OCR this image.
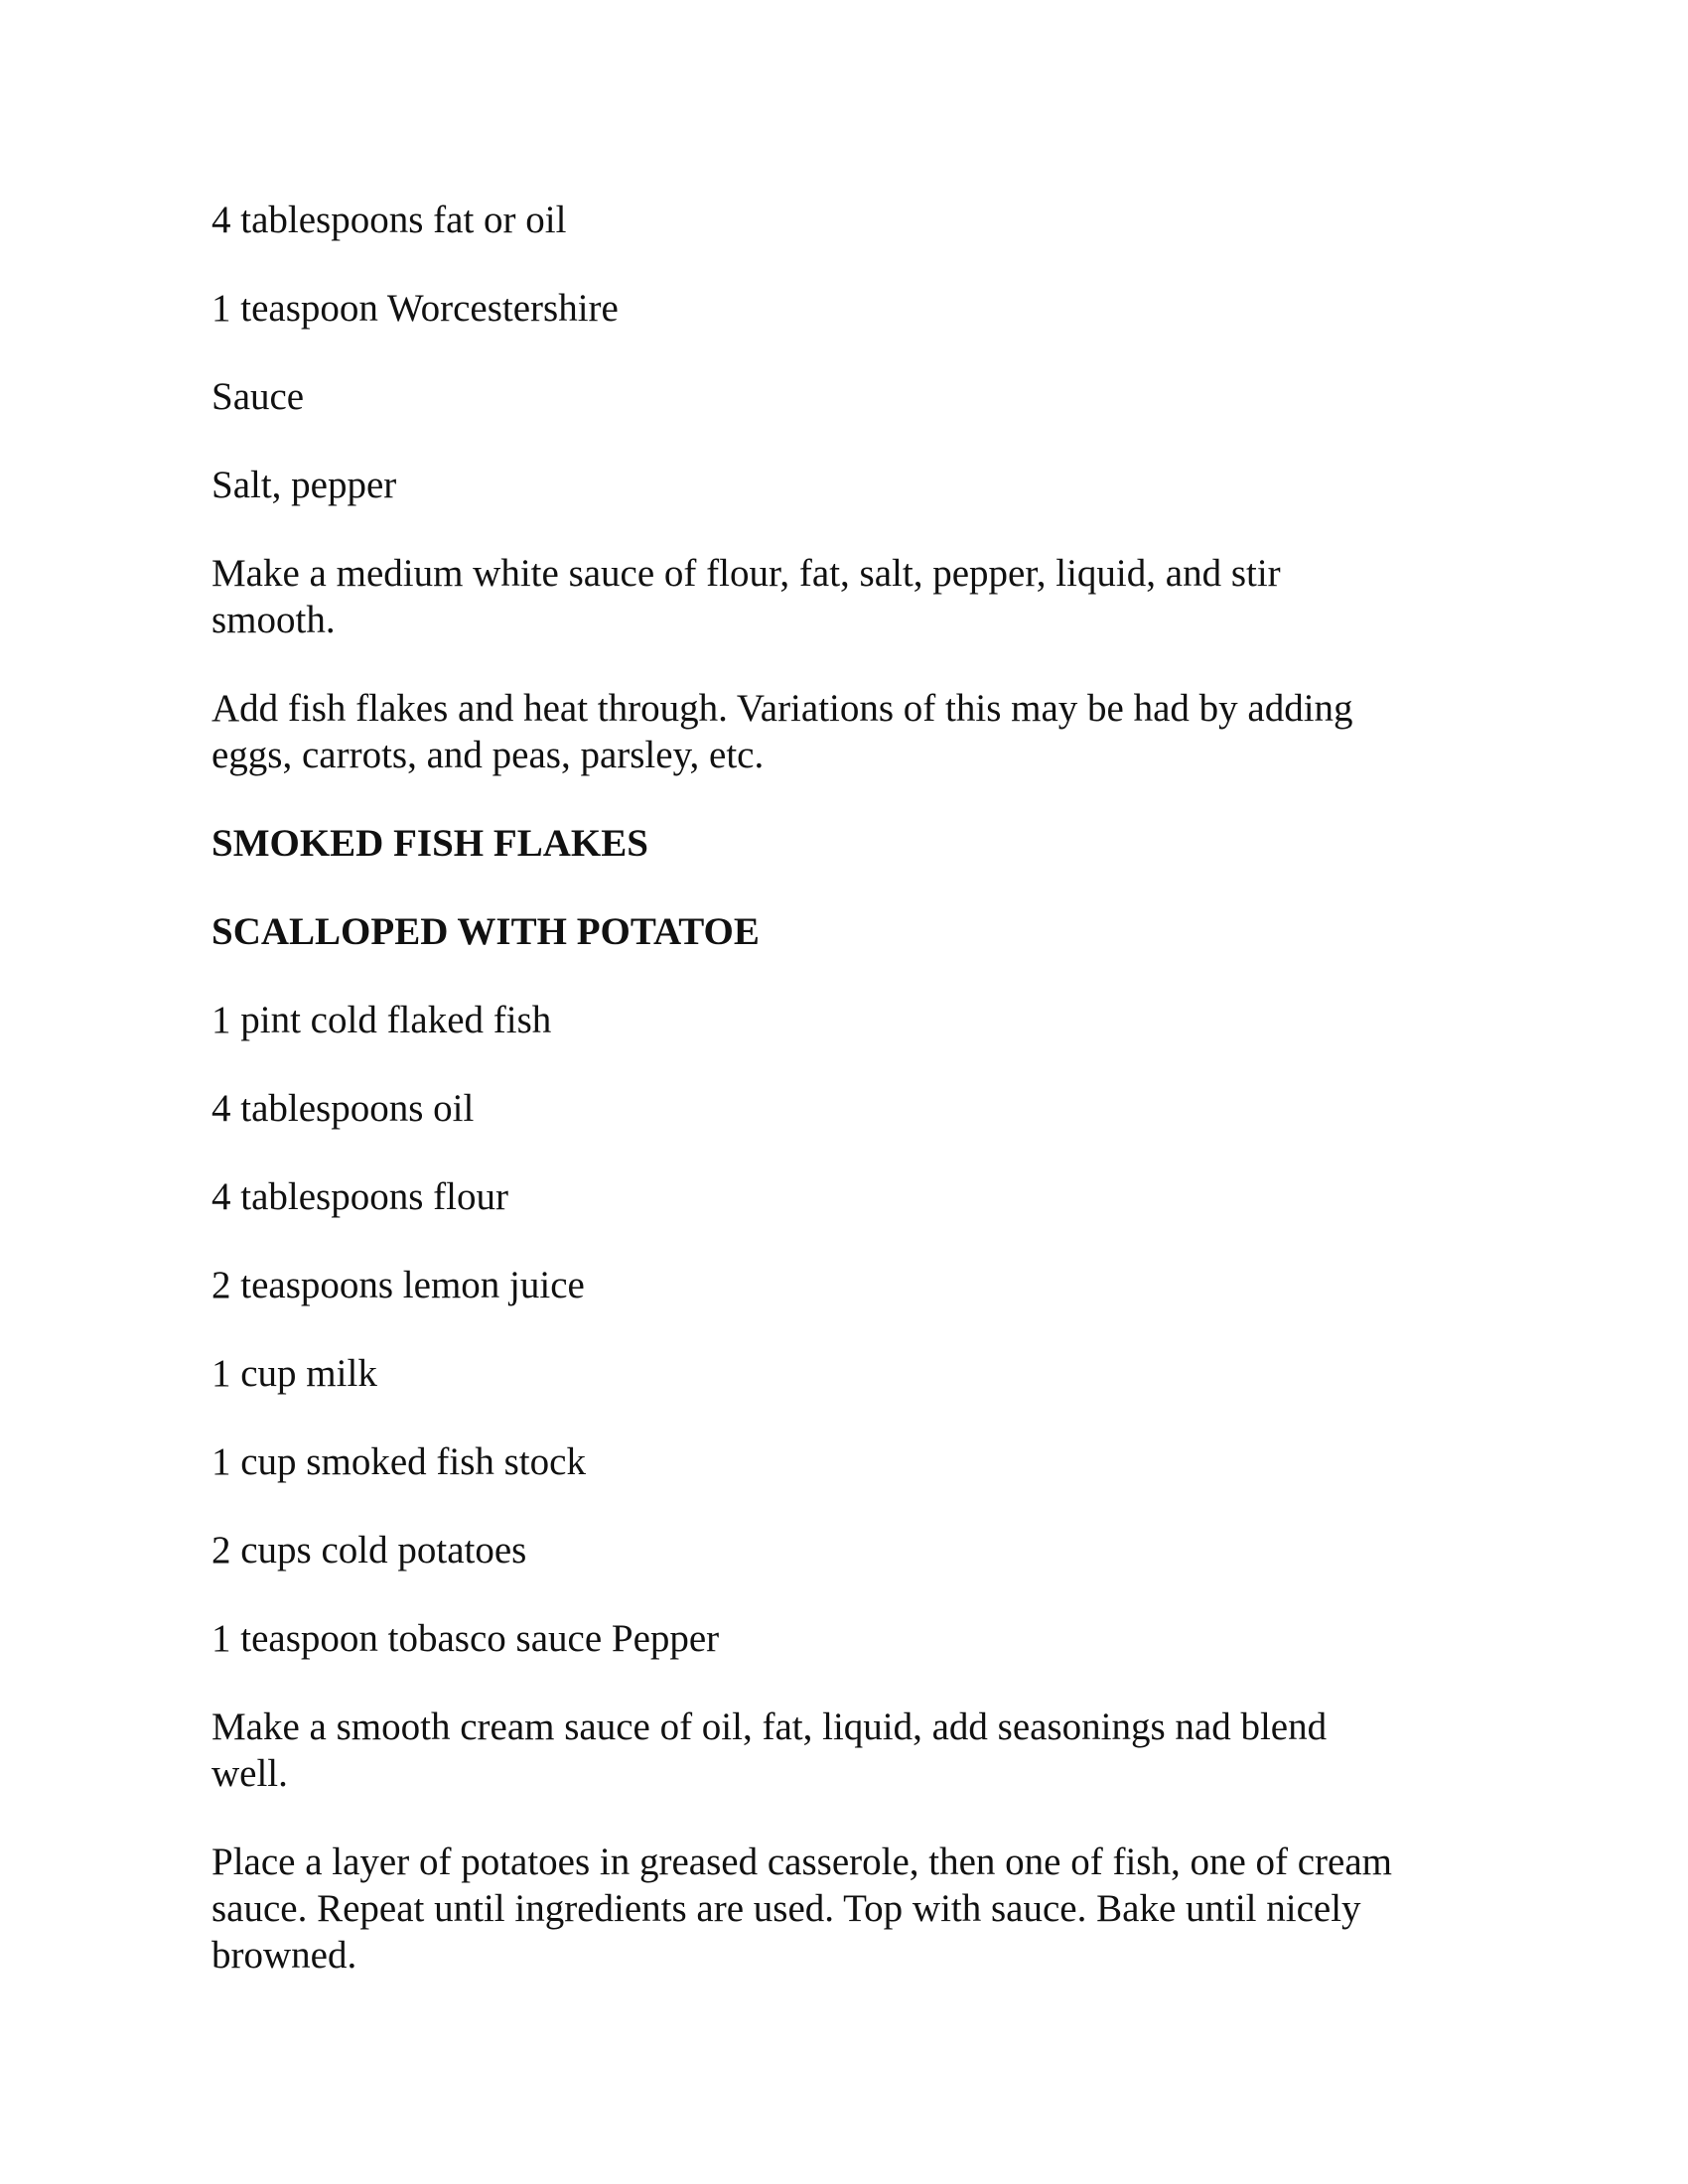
4 tablespoons fat or oil

1 teaspoon Worcestershire

Sauce

Salt, pepper

Make a medium white sauce of flour, fat, salt, pepper, liquid, and stir
smooth.

Add fish flakes and heat through. Variations of this may be had by adding
eggs, carrots, and peas, parsley, etc.

SMOKED FISH FLAKES

SCALLOPED WITH POTATOE

1 pint cold flaked fish

4 tablespoons oil

4 tablespoons flour

2 teaspoons lemon juice

1 cup milk

1 cup smoked fish stock

2 cups cold potatoes

1 teaspoon tobasco sauce Pepper

Make a smooth cream sauce of oil, fat, liquid, add seasonings nad blend
well.

Place a layer of potatoes in greased casserole, then one of fish, one of cream
sauce. Repeat until ingredients are used. Top with sauce. Bake until nicely
browned.
